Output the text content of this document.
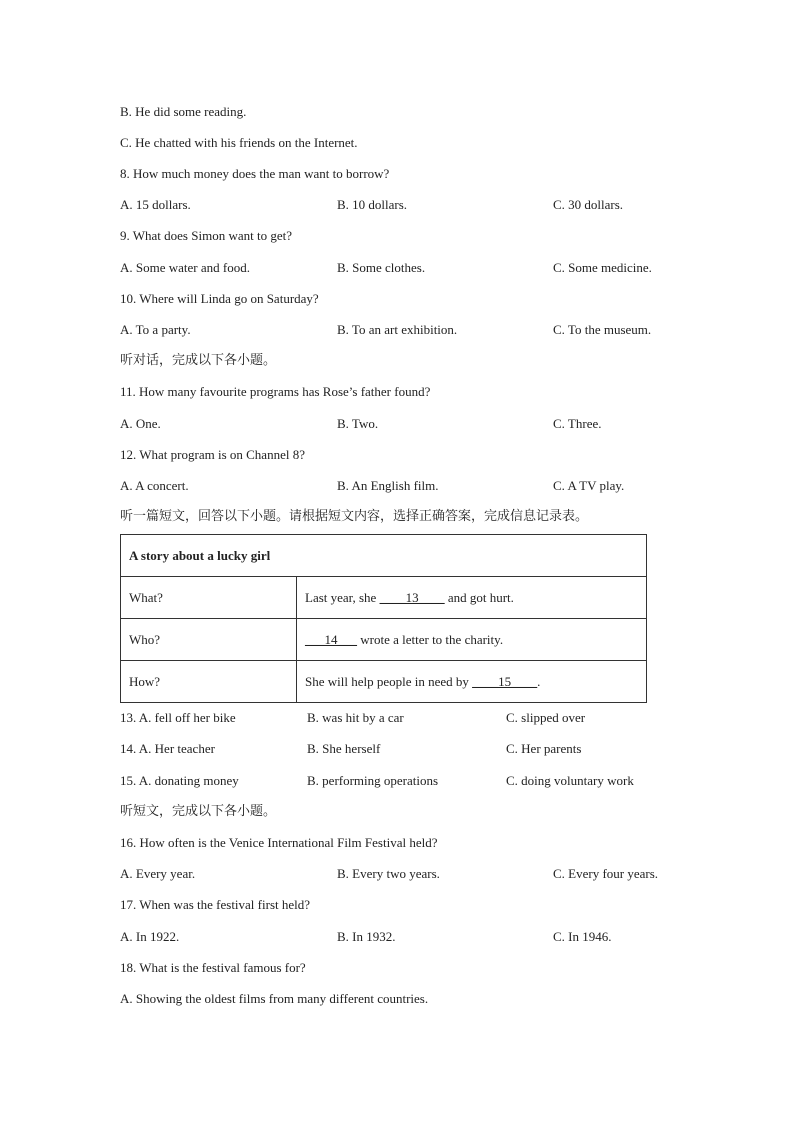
B. He did some reading.
C. He chatted with his friends on the Internet.
8. How much money does the man want to borrow?
A. 15 dollars.	B. 10 dollars.	C. 30 dollars.
9. What does Simon want to get?
A. Some water and food.	B. Some clothes.	C. Some medicine.
10. Where will Linda go on Saturday?
A. To a party.	B. To an art exhibition.	C. To the museum.
听对话，完成以下各小题。
11. How many favourite programs has Rose’s father found?
A. One.	B. Two.	C. Three.
12. What program is on Channel 8?
A. A concert.	B. An English film.	C. A TV play.
听一篇短文，回答以下小题。请根据短文内容，选择正确答案，完成信息记录表。
A story about a lucky girl	
What?	Last year, she ____13____ and got hurt.
Who?	___14___ wrote a letter to the charity.
How?	She will help people in need by ____15____.
13. A. fell off her bike	B. was hit by a car	C. slipped over
14. A. Her teacher	B. She herself	C. Her parents
15. A. donating money	B. performing operations	C. doing voluntary work
听短文，完成以下各小题。
16. How often is the Venice International Film Festival held?
A. Every year.	B. Every two years.	C. Every four years.
17. When was the festival first held?
A. In 1922.	B. In 1932.	C. In 1946.
18. What is the festival famous for?
A. Showing the oldest films from many different countries.
